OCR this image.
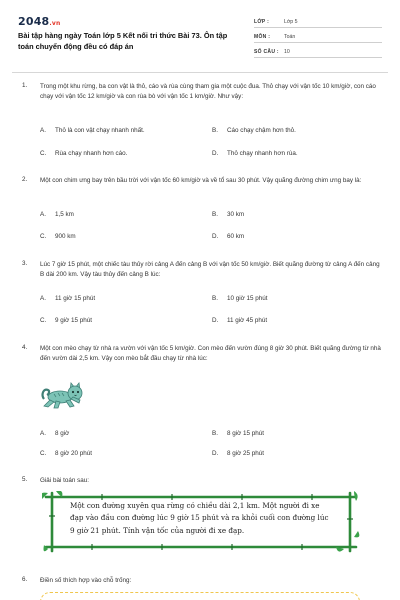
2048.vn
Bài tập hàng ngày Toán lớp 5 Kết nối tri thức Bài 73. Ôn tập toán chuyển động đều có đáp án
LỚP :	Lớp 5
MÔN :	Toán
SỐ CÂU : 10
1. Trong một khu rừng, ba con vật là thỏ, cáo và rùa cùng tham gia một cuộc đua. Thỏ chạy với vận tốc 10 km/giờ, con cáo chạy với vận tốc 12 km/giờ và con rùa bò với vận tốc 1 km/giờ. Như vậy:
A. Thỏ là con vật chạy nhanh nhất.	B. Cáo chạy chậm hơn thỏ.
C. Rùa chạy nhanh hơn cáo.	D. Thỏ chạy nhanh hơn rùa.
2. Một con chim ưng bay trên bầu trời với vận tốc 60 km/giờ và về tổ sau 30 phút. Vậy quãng đường chim ưng bay là:
A. 1,5 km	B. 30 km
C. 900 km	D. 60 km
3. Lúc 7 giờ 15 phút, một chiếc tàu thủy rời cảng A đến cảng B với vận tốc 50 km/giờ. Biết quãng đường từ cảng A đến cảng B dài 200 km. Vậy tàu thủy đến cảng B lúc:
A. 11 giờ 15 phút	B. 10 giờ 15 phút
C. 9 giờ 15 phút	D. 11 giờ 45 phút
4. Một con mèo chạy từ nhà ra vườn với vận tốc 5 km/giờ. Con mèo đến vườn đúng 8 giờ 30 phút. Biết quãng đường từ nhà đến vườn dài 2,5 km. Vậy con mèo bắt đầu chạy từ nhà lúc:
A. 8 giờ	B. 8 giờ 15 phút
C. 8 giờ 20 phút	D. 8 giờ 25 phút
5. Giải bài toán sau:
Một con đường xuyên qua rừng có chiều dài 2,1 km. Một người đi xe đạp vào đầu con đường lúc 9 giờ 15 phút và ra khỏi cuối con đường lúc 9 giờ 21 phút. Tính vận tốc của người đi xe đạp.
6. Điền số thích hợp vào chỗ trống:
